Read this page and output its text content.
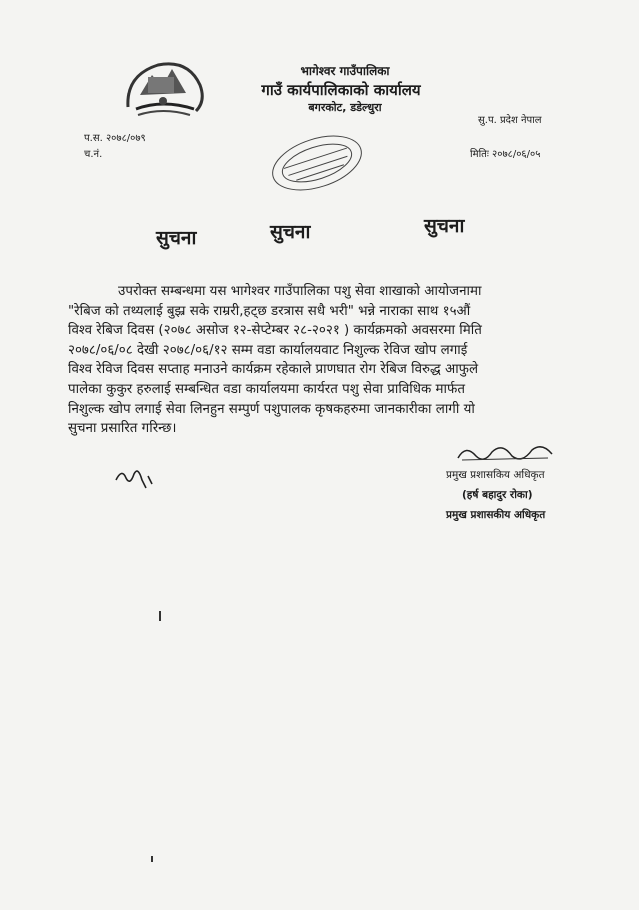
भागेश्वर गाउँपालिका
गाउँ कार्यपालिकाको कार्यालय
बगरकोट, डडेल्धुरा
सु.प. प्रदेश नेपाल
प.स. २०७८/०७९
च.नं.	मितिः २०७८/०६/०५
सुचना	सुचना	सुचना
उपरोक्त सम्बन्धमा यस भागेश्वर गाउँपालिका पशु सेवा शाखाको आयोजनामा
"रेबिज को तथ्यलाई बुझ्र सके राम्ररी,हट्छ डरत्रास सधै भरी" भन्ने नाराका साथ १५औं
विश्व रेबिज दिवस (२०७८ असोज १२-सेप्टेम्बर २८-२०२१ ) कार्यक्रमको अवसरमा मिति
२०७८/०६/०८ देखी २०७८/०६/१२ सम्म वडा कार्यालयवाट निशुल्क रेविज खोप लगाई
विश्व रेविज दिवस सप्ताह मनाउने कार्यक्रम रहेकाले प्राणघात रोग रेबिज विरुद्ध आफुले
पालेका कुकुर हरुलाई सम्बन्धित वडा कार्यालयमा कार्यरत पशु सेवा प्राविधिक मार्फत
निशुल्क खोप लगाई सेवा लिनहुन सम्पुर्ण पशुपालक कृषकहरुमा जानकारीका लागी यो
सुचना प्रसारित गरिन्छ।
प्रमुख प्रशासकिय अधिकृत
(हर्ष बहादुर रोका)
प्रमुख प्रशासकीय अधिकृत
